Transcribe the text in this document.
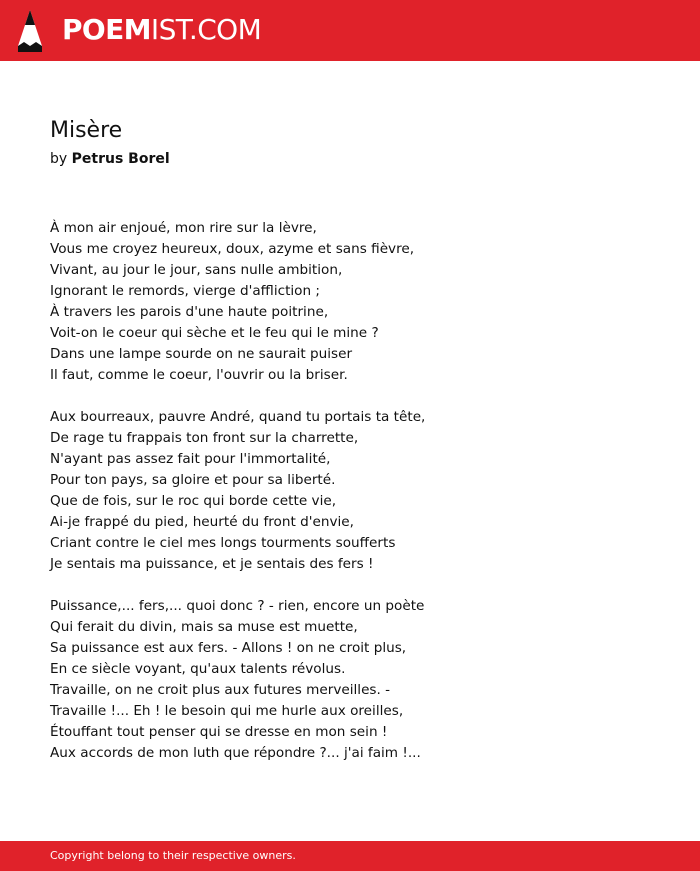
POEMIST.COM
Misère
by Petrus Borel
À mon air enjoué, mon rire sur la lèvre,
Vous me croyez heureux, doux, azyme et sans fièvre,
Vivant, au jour le jour, sans nulle ambition,
Ignorant le remords, vierge d'affliction ;
À travers les parois d'une haute poitrine,
Voit-on le coeur qui sèche et le feu qui le mine ?
Dans une lampe sourde on ne saurait puiser
Il faut, comme le coeur, l'ouvrir ou la briser.
Aux bourreaux, pauvre André, quand tu portais ta tête,
De rage tu frappais ton front sur la charrette,
N'ayant pas assez fait pour l'immortalité,
Pour ton pays, sa gloire et pour sa liberté.
Que de fois, sur le roc qui borde cette vie,
Ai-je frappé du pied, heurté du front d'envie,
Criant contre le ciel mes longs tourments soufferts
Je sentais ma puissance, et je sentais des fers !
Puissance,... fers,... quoi donc ? - rien, encore un poète
Qui ferait du divin, mais sa muse est muette,
Sa puissance est aux fers. - Allons ! on ne croit plus,
En ce siècle voyant, qu'aux talents révolus.
Travaille, on ne croit plus aux futures merveilles. -
Travaille !... Eh ! le besoin qui me hurle aux oreilles,
Étouffant tout penser qui se dresse en mon sein !
Aux accords de mon luth que répondre ?... j'ai faim !...
Copyright belong to their respective owners.
